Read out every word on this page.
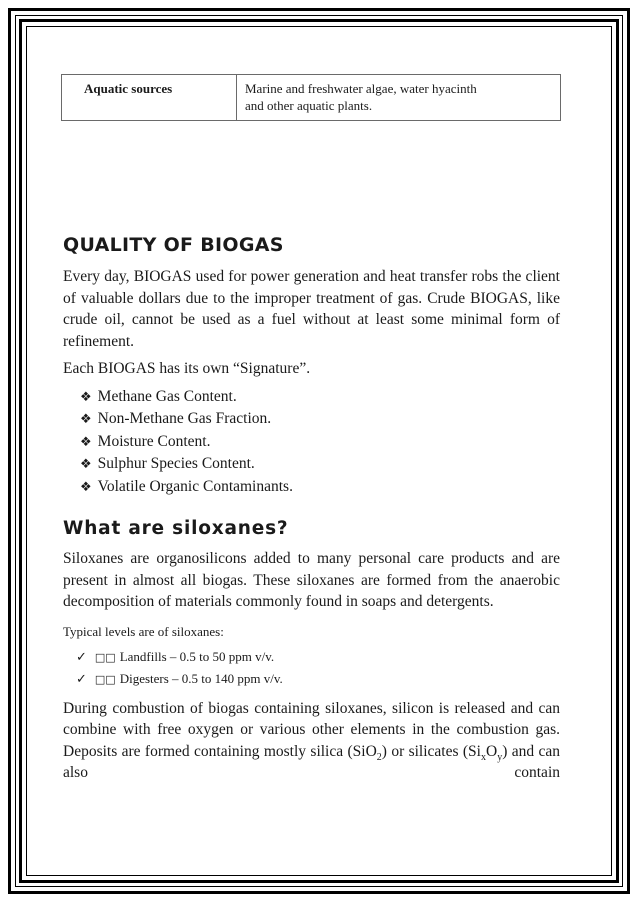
Aquatic sources	Marine and freshwater algae, water hyacinth
and other aquatic plants.
QUALITY OF BIOGAS

Every day, BIOGAS used for power generation and heat transfer robs the client of valuable dollars due to the improper treatment of gas. Crude BIOGAS, like crude oil, cannot be used as a fuel without at least some minimal form of refinement.

Each BIOGAS has its own “Signature”.

❖ Methane Gas Content.
❖ Non-Methane Gas Fraction.
❖ Moisture Content.
❖ Sulphur Species Content.
❖ Volatile Organic Contaminants.
What are siloxanes?

Siloxanes are organosilicons added to many personal care products and are present in almost all biogas. These siloxanes are formed from the anaerobic decomposition of materials commonly found in soaps and detergents.

Typical levels are of siloxanes:

✓ □□ Landfills – 0.5 to 50 ppm v/v.
✓ □□ Digesters – 0.5 to 140 ppm v/v.

During combustion of biogas containing siloxanes, silicon is released and can combine with free oxygen or various other elements in the combustion gas. Deposits are formed containing mostly silica (SiO$_2$) or silicates $(Si_xO_y)$ and can also contain
